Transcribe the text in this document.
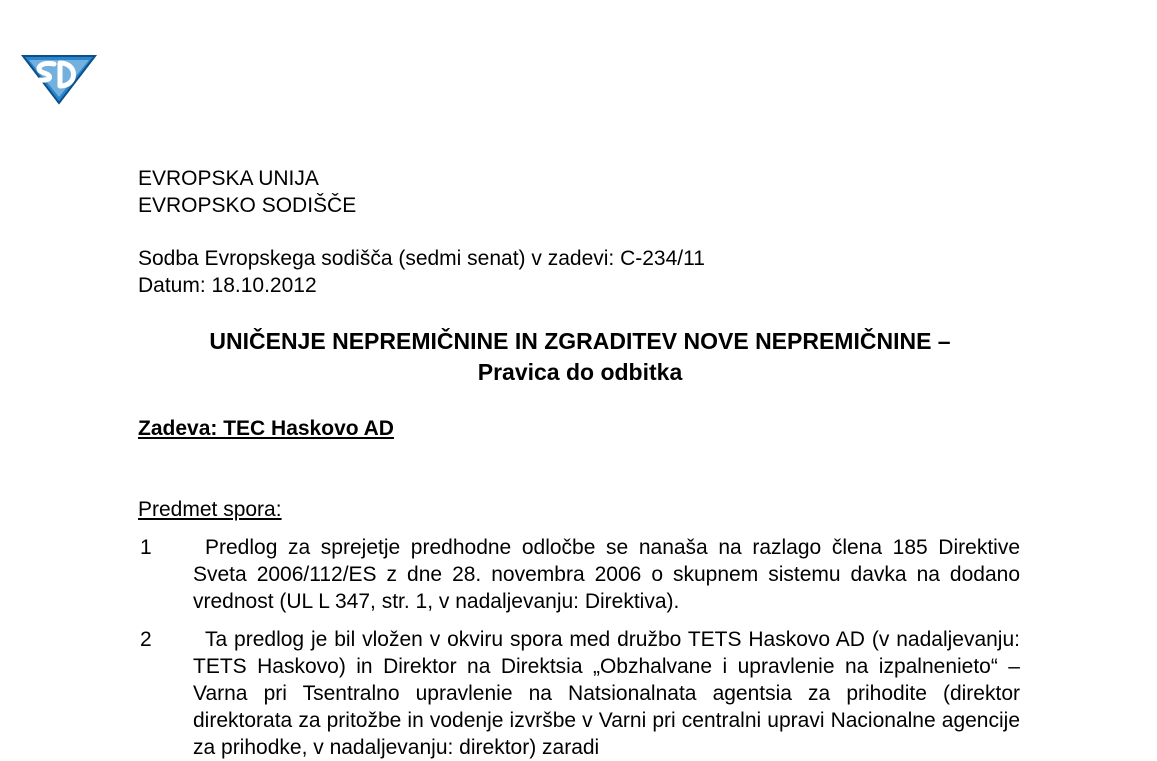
EVROPSKA UNIJA
EVROPSKO SODIŠČE
Sodba Evropskega sodišča (sedmi senat) v zadevi: C-234/11
Datum: 18.10.2012
UNIČENJE NEPREMIČNINE IN ZGRADITEV NOVE NEPREMIČNINE –
Pravica do odbitka
Zadeva: TEC Haskovo AD
Predmet spora:
1	Predlog za sprejetje predhodne odločbe se nanaša na razlago člena 185 Direktive Sveta 2006/112/ES z dne 28. novembra 2006 o skupnem sistemu davka na dodano vrednost (UL L 347, str. 1, v nadaljevanju: Direktiva).
2	Ta predlog je bil vložen v okviru spora med družbo TETS Haskovo AD (v nadaljevanju: TETS Haskovo) in Direktor na Direktsia „Obzhalvane i upravlenie na izpalnenieto“ – Varna pri Tsentralno upravlenie na Natsionalnata agentsia za prihodite (direktor direktorata za pritožbe in vodenje izvršbe v Varni pri centralni upravi Nacionalne agencije za prihodke, v nadaljevanju: direktor) zaradi
